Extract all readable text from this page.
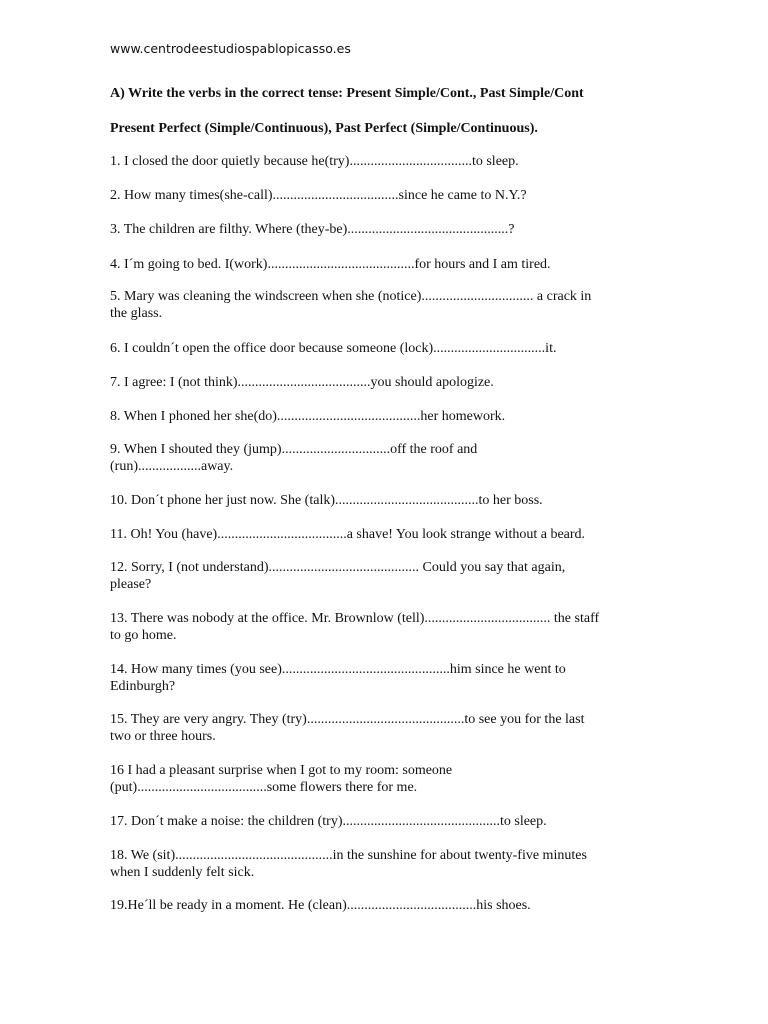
www.centrodeestudiospablopicasso.es
A) Write the verbs in the correct tense: Present Simple/Cont., Past Simple/Cont
Present Perfect (Simple/Continuous), Past Perfect (Simple/Continuous).
1. I closed the door quietly because he(try)...................................to sleep.
2. How many times(she-call)....................................since he came to N.Y.?
3. The children are filthy. Where (they-be)..............................................?
4. I´m going to bed. I(work)..........................................for hours and I am tired.
5. Mary was cleaning the windscreen when she (notice)................................ a crack in
the glass.
6. I couldn´t open the office door because someone (lock)................................it.
7. I agree: I (not think)......................................you should apologize.
8. When I phoned her she(do).........................................her homework.
9. When I shouted they (jump)...............................off the roof and
(run)..................away.
10. Don´t phone her just now. She (talk).........................................to her boss.
11. Oh! You (have).....................................a shave! You look strange without a beard.
12. Sorry, I (not understand)........................................... Could you say that again,
please?
13. There was nobody at the office. Mr. Brownlow (tell).................................... the staff
to go home.
14. How many times (you see)................................................him since he went to
Edinburgh?
15. They are very angry. They (try).............................................to see you for the last
two or three hours.
16 I had a pleasant surprise when I got to my room: someone
(put).....................................some flowers there for me.
17. Don´t make a noise: the children (try).............................................to sleep.
18. We (sit).............................................in the sunshine for about twenty-five minutes
when I suddenly felt sick.
19.He´ll be ready in a moment. He (clean).....................................his shoes.
